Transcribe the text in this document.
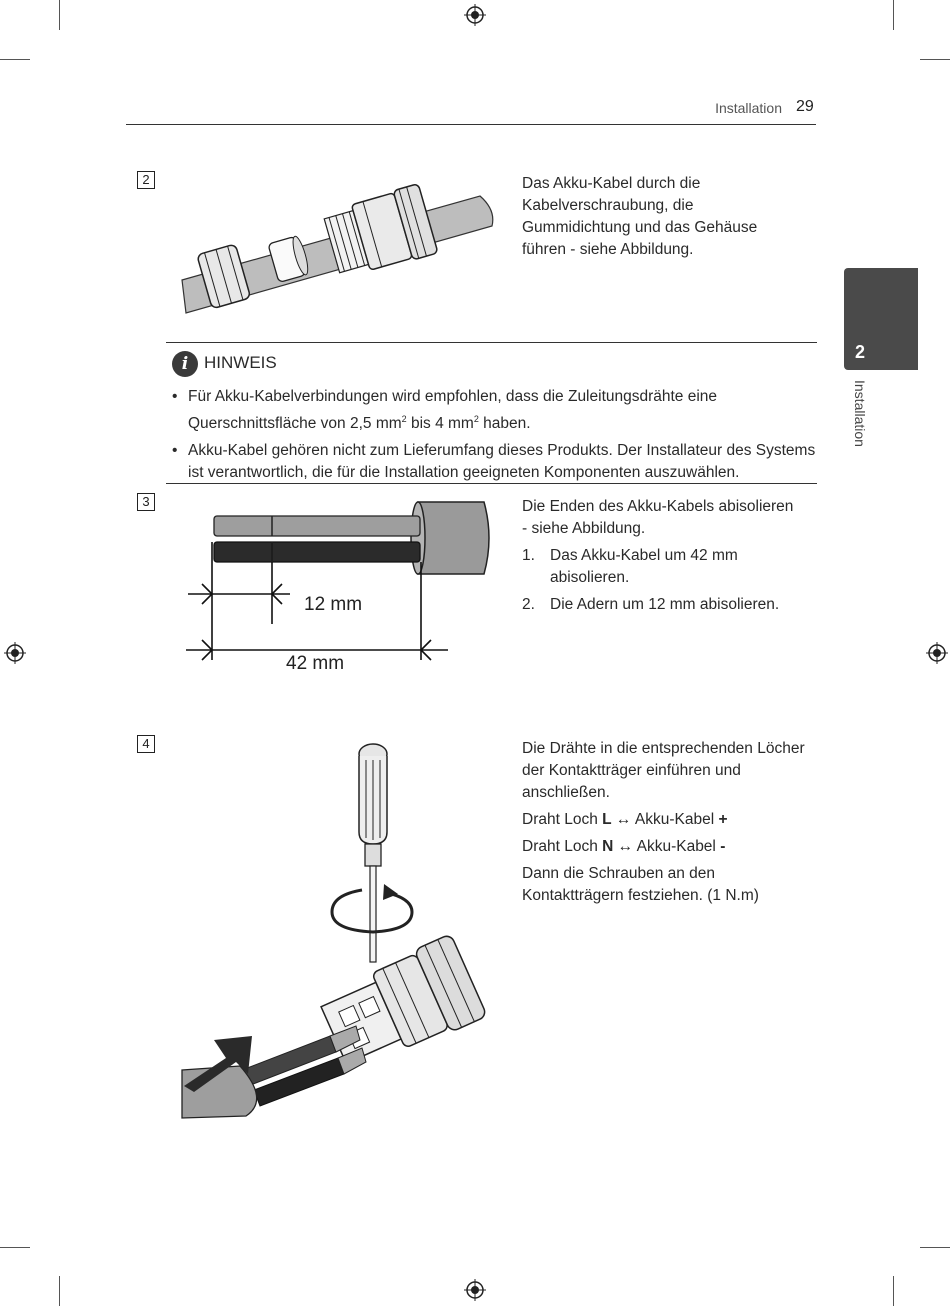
Installation 29
2
Installation
2	Das Akku-Kabel durch die Kabelverschraubung, die Gummidichtung und das Gehäuse führen - siehe Abbildung.

i HINWEIS
• Für Akku-Kabelverbindungen wird empfohlen, dass die Zuleitungsdrähte eine Querschnittsfläche von 2,5 $mm^2$ bis 4 $mm^2$ haben.
• Akku-Kabel gehören nicht zum Lieferumfang dieses Produkts. Der Installateur des Systems ist verantwortlich, die für die Installation geeigneten Komponenten auszuwählen.
3
12 mm
42 mm

Die Enden des Akku-Kabels abisolieren - siehe Abbildung.

1. Das Akku-Kabel um 42 mm abisolieren.
2. Die Adern um 12 mm abisolieren.
4	Die Drähte in die entsprechenden Löcher der Kontaktträger einführen und anschließen.

Draht Loch L ↔ Akku-Kabel +

Draht Loch N ↔ Akku-Kabel -

Dann die Schrauben an den Kontaktträgern festziehen. (1 N.m)
